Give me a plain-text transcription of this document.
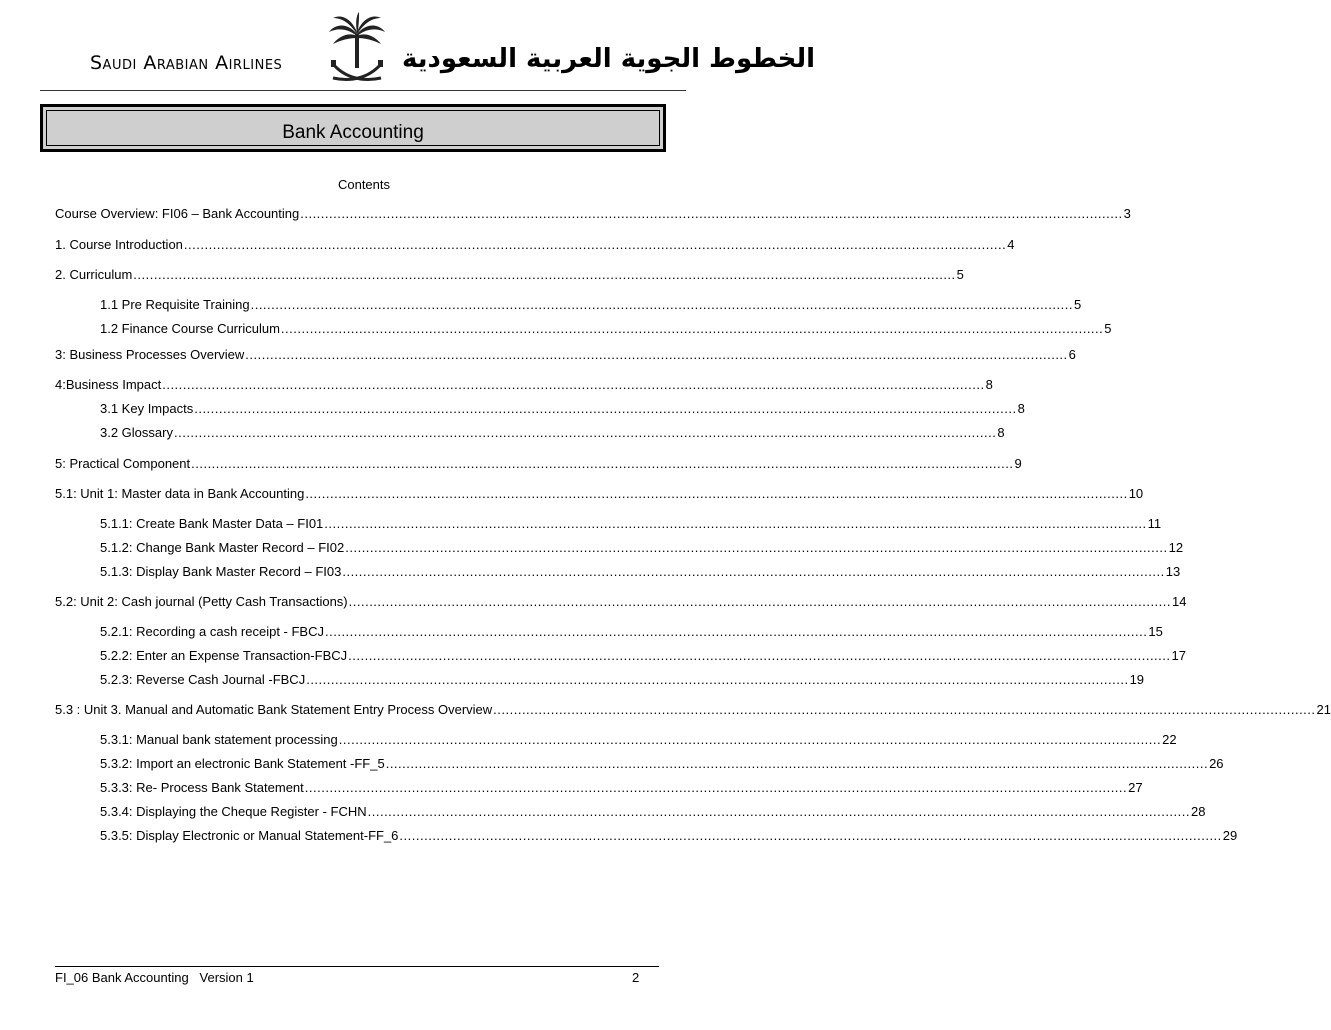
Saudi Arabian Airlines	الخطوط الجوية العربية السعودية
Bank Accounting
Contents
Course Overview: FI06 – Bank Accounting ........................................................................................................................................................................................................ 3
1. Course Introduction ........................................................................................................................................................................................................ 4
2. Curriculum ........................................................................................................................................................................................................ 5
1.1 Pre Requisite Training ........................................................................................................................................................................................................ 5
1.2 Finance Course Curriculum ........................................................................................................................................................................................................ 5
3: Business Processes Overview ........................................................................................................................................................................................................ 6
4:Business Impact ........................................................................................................................................................................................................ 8
3.1 Key Impacts ........................................................................................................................................................................................................ 8
3.2 Glossary ........................................................................................................................................................................................................ 8
5: Practical Component ........................................................................................................................................................................................................ 9
5.1: Unit 1: Master data in Bank Accounting ........................................................................................................................................................................................................ 10
5.1.1: Create Bank Master Data – FI01 ........................................................................................................................................................................................................ 11
5.1.2: Change Bank Master Record – FI02 ........................................................................................................................................................................................................ 12
5.1.3: Display Bank Master Record – FI03 ........................................................................................................................................................................................................ 13
5.2: Unit 2: Cash journal (Petty Cash Transactions) ........................................................................................................................................................................................................ 14
5.2.1: Recording a cash receipt - FBCJ ........................................................................................................................................................................................................ 15
5.2.2: Enter an Expense Transaction-FBCJ ........................................................................................................................................................................................................ 17
5.2.3: Reverse Cash Journal -FBCJ ........................................................................................................................................................................................................ 19
5.3 : Unit 3. Manual and Automatic Bank Statement Entry Process Overview ........................................................................................................................................................................................................ 21
5.3.1: Manual bank statement processing ........................................................................................................................................................................................................ 22
5.3.2: Import an electronic Bank Statement -FF_5 ........................................................................................................................................................................................................ 26
5.3.3: Re- Process Bank Statement ........................................................................................................................................................................................................ 27
5.3.4: Displaying the Cheque Register - FCHN ........................................................................................................................................................................................................ 28
5.3.5: Display Electronic or Manual Statement-FF_6 ........................................................................................................................................................................................................ 29
FI_06 Bank Accounting   Version 1	2
